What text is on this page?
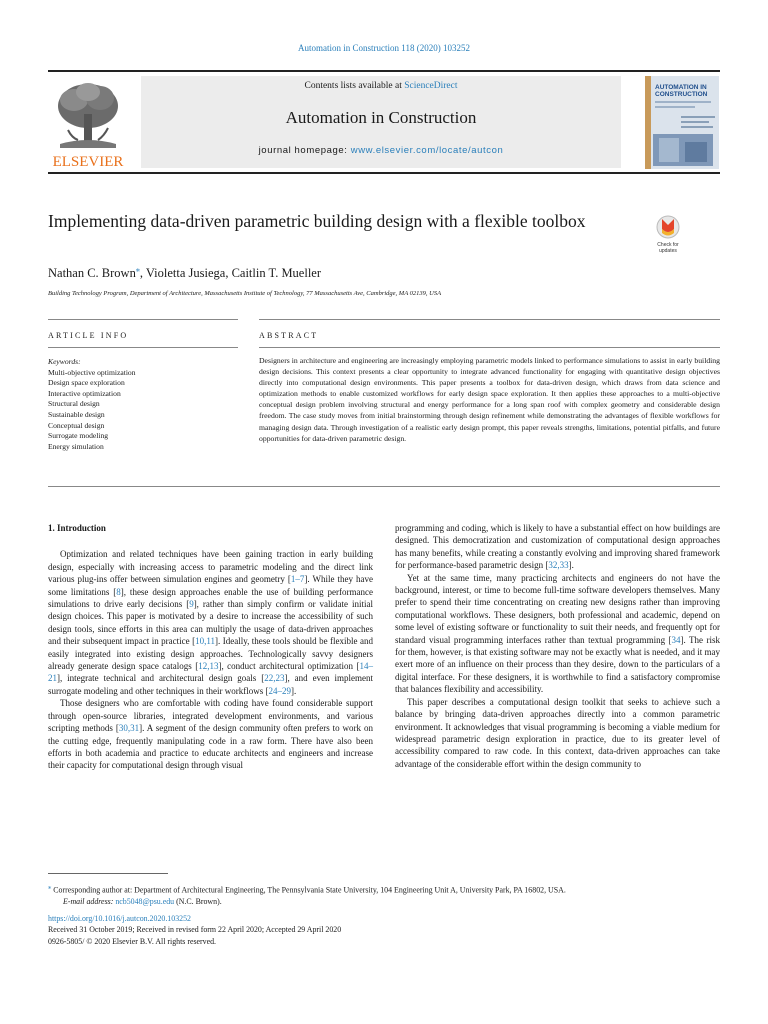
Automation in Construction 118 (2020) 103252
ELSEVIER
Contents lists available at ScienceDirect
Automation in Construction
journal homepage: www.elsevier.com/locate/autcon
AUTOMATION IN CONSTRUCTION
Implementing data-driven parametric building design with a flexible toolbox
Check for
updates
Nathan C. Brown⁎, Violetta Jusiega, Caitlin T. Mueller
Building Technology Program, Department of Architecture, Massachusetts Institute of Technology, 77 Massachusetts Ave, Cambridge, MA 02139, USA
ARTICLE INFO	ABSTRACT
Keywords:
Multi-objective optimization
Design space exploration
Interactive optimization
Structural design
Sustainable design
Conceptual design
Surrogate modeling
Energy simulation
Designers in architecture and engineering are increasingly employing parametric models linked to performance simulations to assist in early building design decisions. This context presents a clear opportunity to integrate advanced functionality for engaging with quantitative design objectives directly into computational design environments. This paper presents a toolbox for data-driven design, which draws from data science and optimization methods to enable customized workflows for early design space exploration. It then applies these approaches to a multi-objective conceptual design problem involving structural and energy performance for a long span roof with complex geometry and considerable design freedom. The case study moves from initial brainstorming through design refinement while demonstrating the advantages of flexible workflows for managing design data. Through investigation of a realistic early design prompt, this paper reveals strengths, limitations, potential pitfalls, and future opportunities for data-driven parametric design.

1. Introduction

Optimization and related techniques have been gaining traction in early building design, especially with increasing access to parametric modeling and the direct link various plug-ins offer between simulation engines and geometry [1–7]. While they have some limitations [8], these design approaches enable the use of building performance simulations to drive early decisions [9], rather than simply confirm or validate initial design choices. This paper is motivated by a desire to increase the accessibility of such design tools, since efforts in this area can multiply the usage of data-driven approaches and their subsequent impact in practice [10,11]. Ideally, these tools should be flexible and easily integrated into existing design approaches. Technologically savvy designers already generate design space catalogs [12,13], conduct architectural optimization [14–21], integrate technical and architectural design goals [22,23], and even implement surrogate modeling and other techniques in their workflows [24–29].

Those designers who are comfortable with coding have found considerable support through open-source libraries, integrated development environments, and various scripting methods [30,31]. A segment of the design community often prefers to work on the cutting edge, frequently manipulating code in a raw form. There have also been efforts in both academia and practice to educate architects and engineers and increase their capacity for computational design through visual

programming and coding, which is likely to have a substantial effect on how buildings are designed. This democratization and customization of computational design approaches has many benefits, while creating a constantly evolving and improving shared framework for performance-based parametric design [32,33].

Yet at the same time, many practicing architects and engineers do not have the background, interest, or time to become full-time software developers themselves. Many prefer to spend their time concentrating on creating new designs rather than improving computational workflows. These designers, both professional and academic, depend on some level of existing software or functionality to suit their needs, and frequently opt for standard visual programming interfaces rather than textual programming [34]. The risk for them, however, is that existing software may not be exactly what is needed, and it may exert more of an influence on their process than they desire, down to the particulars of a digital interface. For these designers, it is worthwhile to find a satisfactory compromise that balances flexibility and accessibility.

This paper describes a computational design toolkit that seeks to achieve such a balance by bringing data-driven approaches directly into a common parametric environment. It acknowledges that visual programming is becoming a viable medium for widespread parametric design exploration in practice, due to its greater level of accessibility compared to raw code. In this context, data-driven approaches can take advantage of the considerable effort within the design community to

⁎ Corresponding author at: Department of Architectural Engineering, The Pennsylvania State University, 104 Engineering Unit A, University Park, PA 16802, USA.
E-mail address: ncb5048@psu.edu (N.C. Brown).
https://doi.org/10.1016/j.autcon.2020.103252
Received 31 October 2019; Received in revised form 22 April 2020; Accepted 29 April 2020
0926-5805/ © 2020 Elsevier B.V. All rights reserved.
